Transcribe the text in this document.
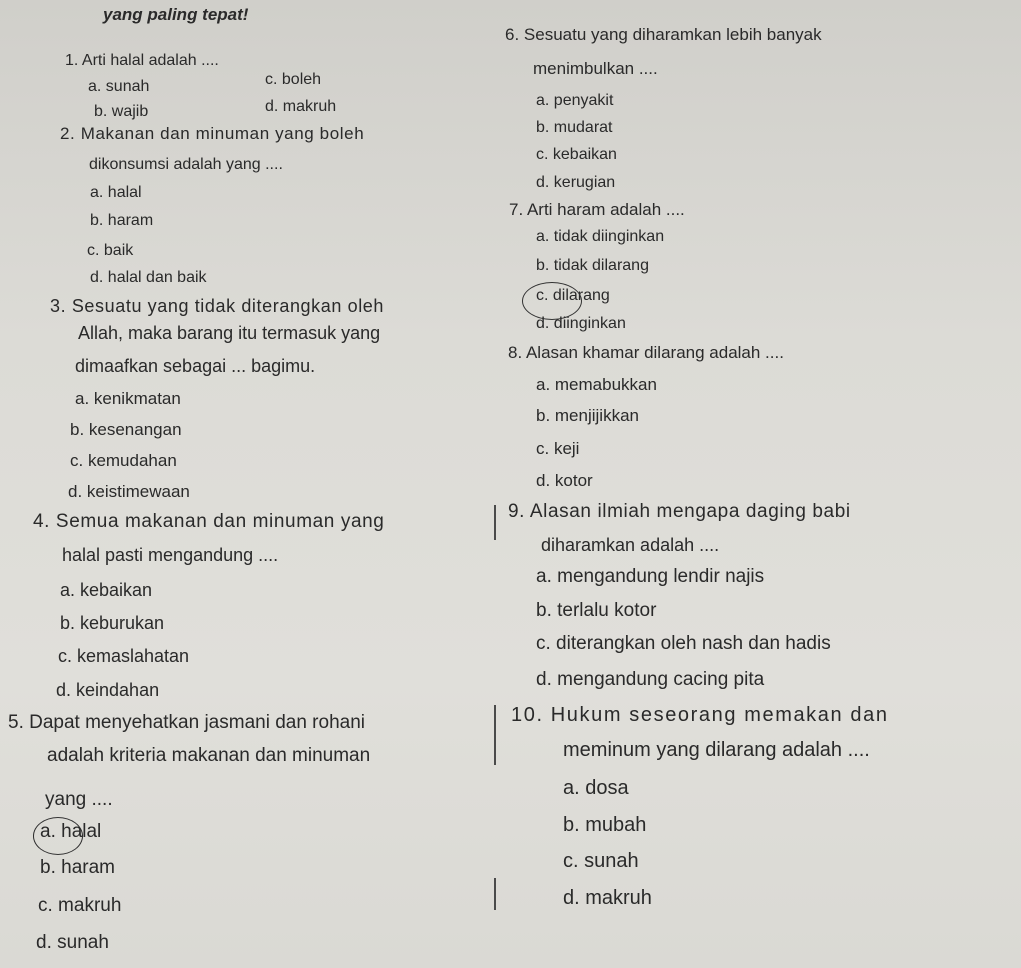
yang paling tepat!
1. Arti halal adalah ....
a. sunah	c. boleh
b. wajib	d. makruh
2. Makanan dan minuman yang boleh
dikonsumsi adalah yang ....
a. halal
b. haram
c. baik
d. halal dan baik
3. Sesuatu yang tidak diterangkan oleh
Allah, maka barang itu termasuk yang
dimaafkan sebagai ... bagimu.
a. kenikmatan
b. kesenangan
c. kemudahan
d. keistimewaan
4. Semua makanan dan minuman yang
halal pasti mengandung ....
a. kebaikan
b. keburukan
c. kemaslahatan
d. keindahan
5. Dapat menyehatkan jasmani dan rohani
adalah kriteria makanan dan minuman
yang ....
a. halal
b. haram
c. makruh
d. sunah
6. Sesuatu yang diharamkan lebih banyak
menimbulkan ....
a. penyakit
b. mudarat
c. kebaikan
d. kerugian
7. Arti haram adalah ....
a. tidak diinginkan
b. tidak dilarang
c. dilarang
d. diinginkan
8. Alasan khamar dilarang adalah ....
a. memabukkan
b. menjijikkan
c. keji
d. kotor
9. Alasan ilmiah mengapa daging babi
diharamkan adalah ....
a. mengandung lendir najis
b. terlalu kotor
c. diterangkan oleh nash dan hadis
d. mengandung cacing pita
10. Hukum seseorang memakan dan
meminum yang dilarang adalah ....
a. dosa
b. mubah
c. sunah
d. makruh
